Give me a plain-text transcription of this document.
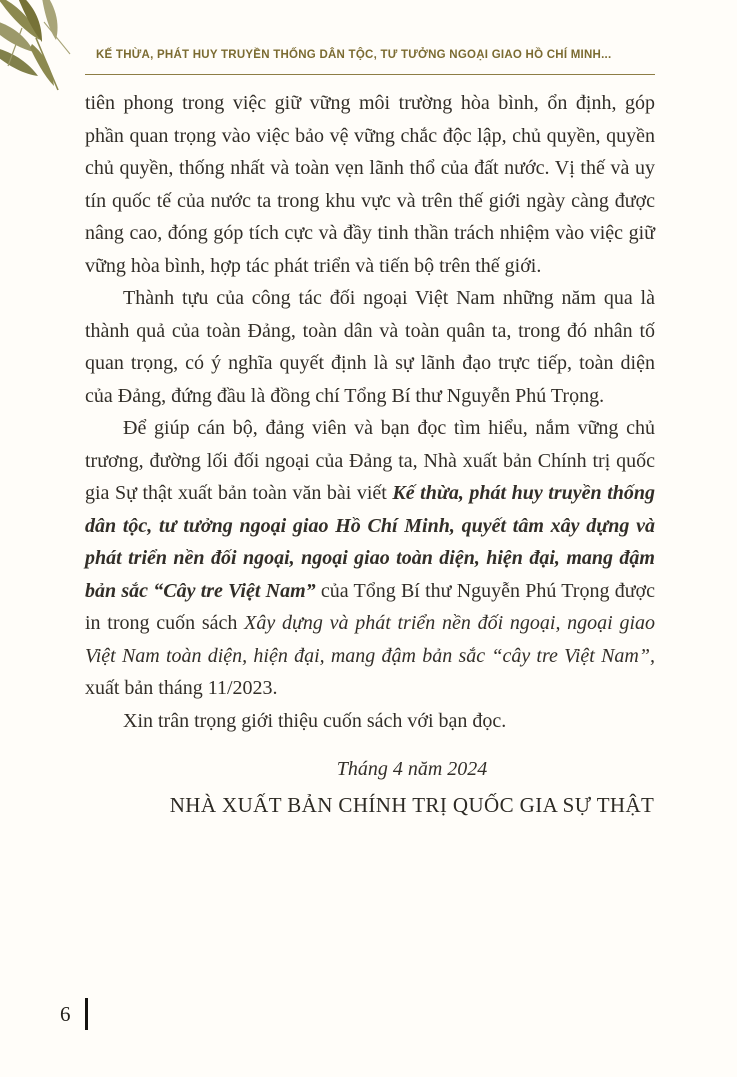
KẾ THỪA, PHÁT HUY TRUYỀN THỐNG DÂN TỘC, TƯ TƯỞNG NGOẠI GIAO HỒ CHÍ MINH...

tiên phong trong việc giữ vững môi trường hòa bình, ổn định, góp phần quan trọng vào việc bảo vệ vững chắc độc lập, chủ quyền, quyền chủ quyền, thống nhất và toàn vẹn lãnh thổ của đất nước. Vị thế và uy tín quốc tế của nước ta trong khu vực và trên thế giới ngày càng được nâng cao, đóng góp tích cực và đầy tinh thần trách nhiệm vào việc giữ vững hòa bình, hợp tác phát triển và tiến bộ trên thế giới.

Thành tựu của công tác đối ngoại Việt Nam những năm qua là thành quả của toàn Đảng, toàn dân và toàn quân ta, trong đó nhân tố quan trọng, có ý nghĩa quyết định là sự lãnh đạo trực tiếp, toàn diện của Đảng, đứng đầu là đồng chí Tổng Bí thư Nguyễn Phú Trọng.

Để giúp cán bộ, đảng viên và bạn đọc tìm hiểu, nắm vững chủ trương, đường lối đối ngoại của Đảng ta, Nhà xuất bản Chính trị quốc gia Sự thật xuất bản toàn văn bài viết Kế thừa, phát huy truyền thống dân tộc, tư tưởng ngoại giao Hồ Chí Minh, quyết tâm xây dựng và phát triển nền đối ngoại, ngoại giao toàn diện, hiện đại, mang đậm bản sắc “Cây tre Việt Nam” của Tổng Bí thư Nguyễn Phú Trọng được in trong cuốn sách Xây dựng và phát triển nền đối ngoại, ngoại giao Việt Nam toàn diện, hiện đại, mang đậm bản sắc “cây tre Việt Nam”, xuất bản tháng 11/2023.

Xin trân trọng giới thiệu cuốn sách với bạn đọc.

Tháng 4 năm 2024
NHÀ XUẤT BẢN CHÍNH TRỊ QUỐC GIA SỰ THẬT
6
